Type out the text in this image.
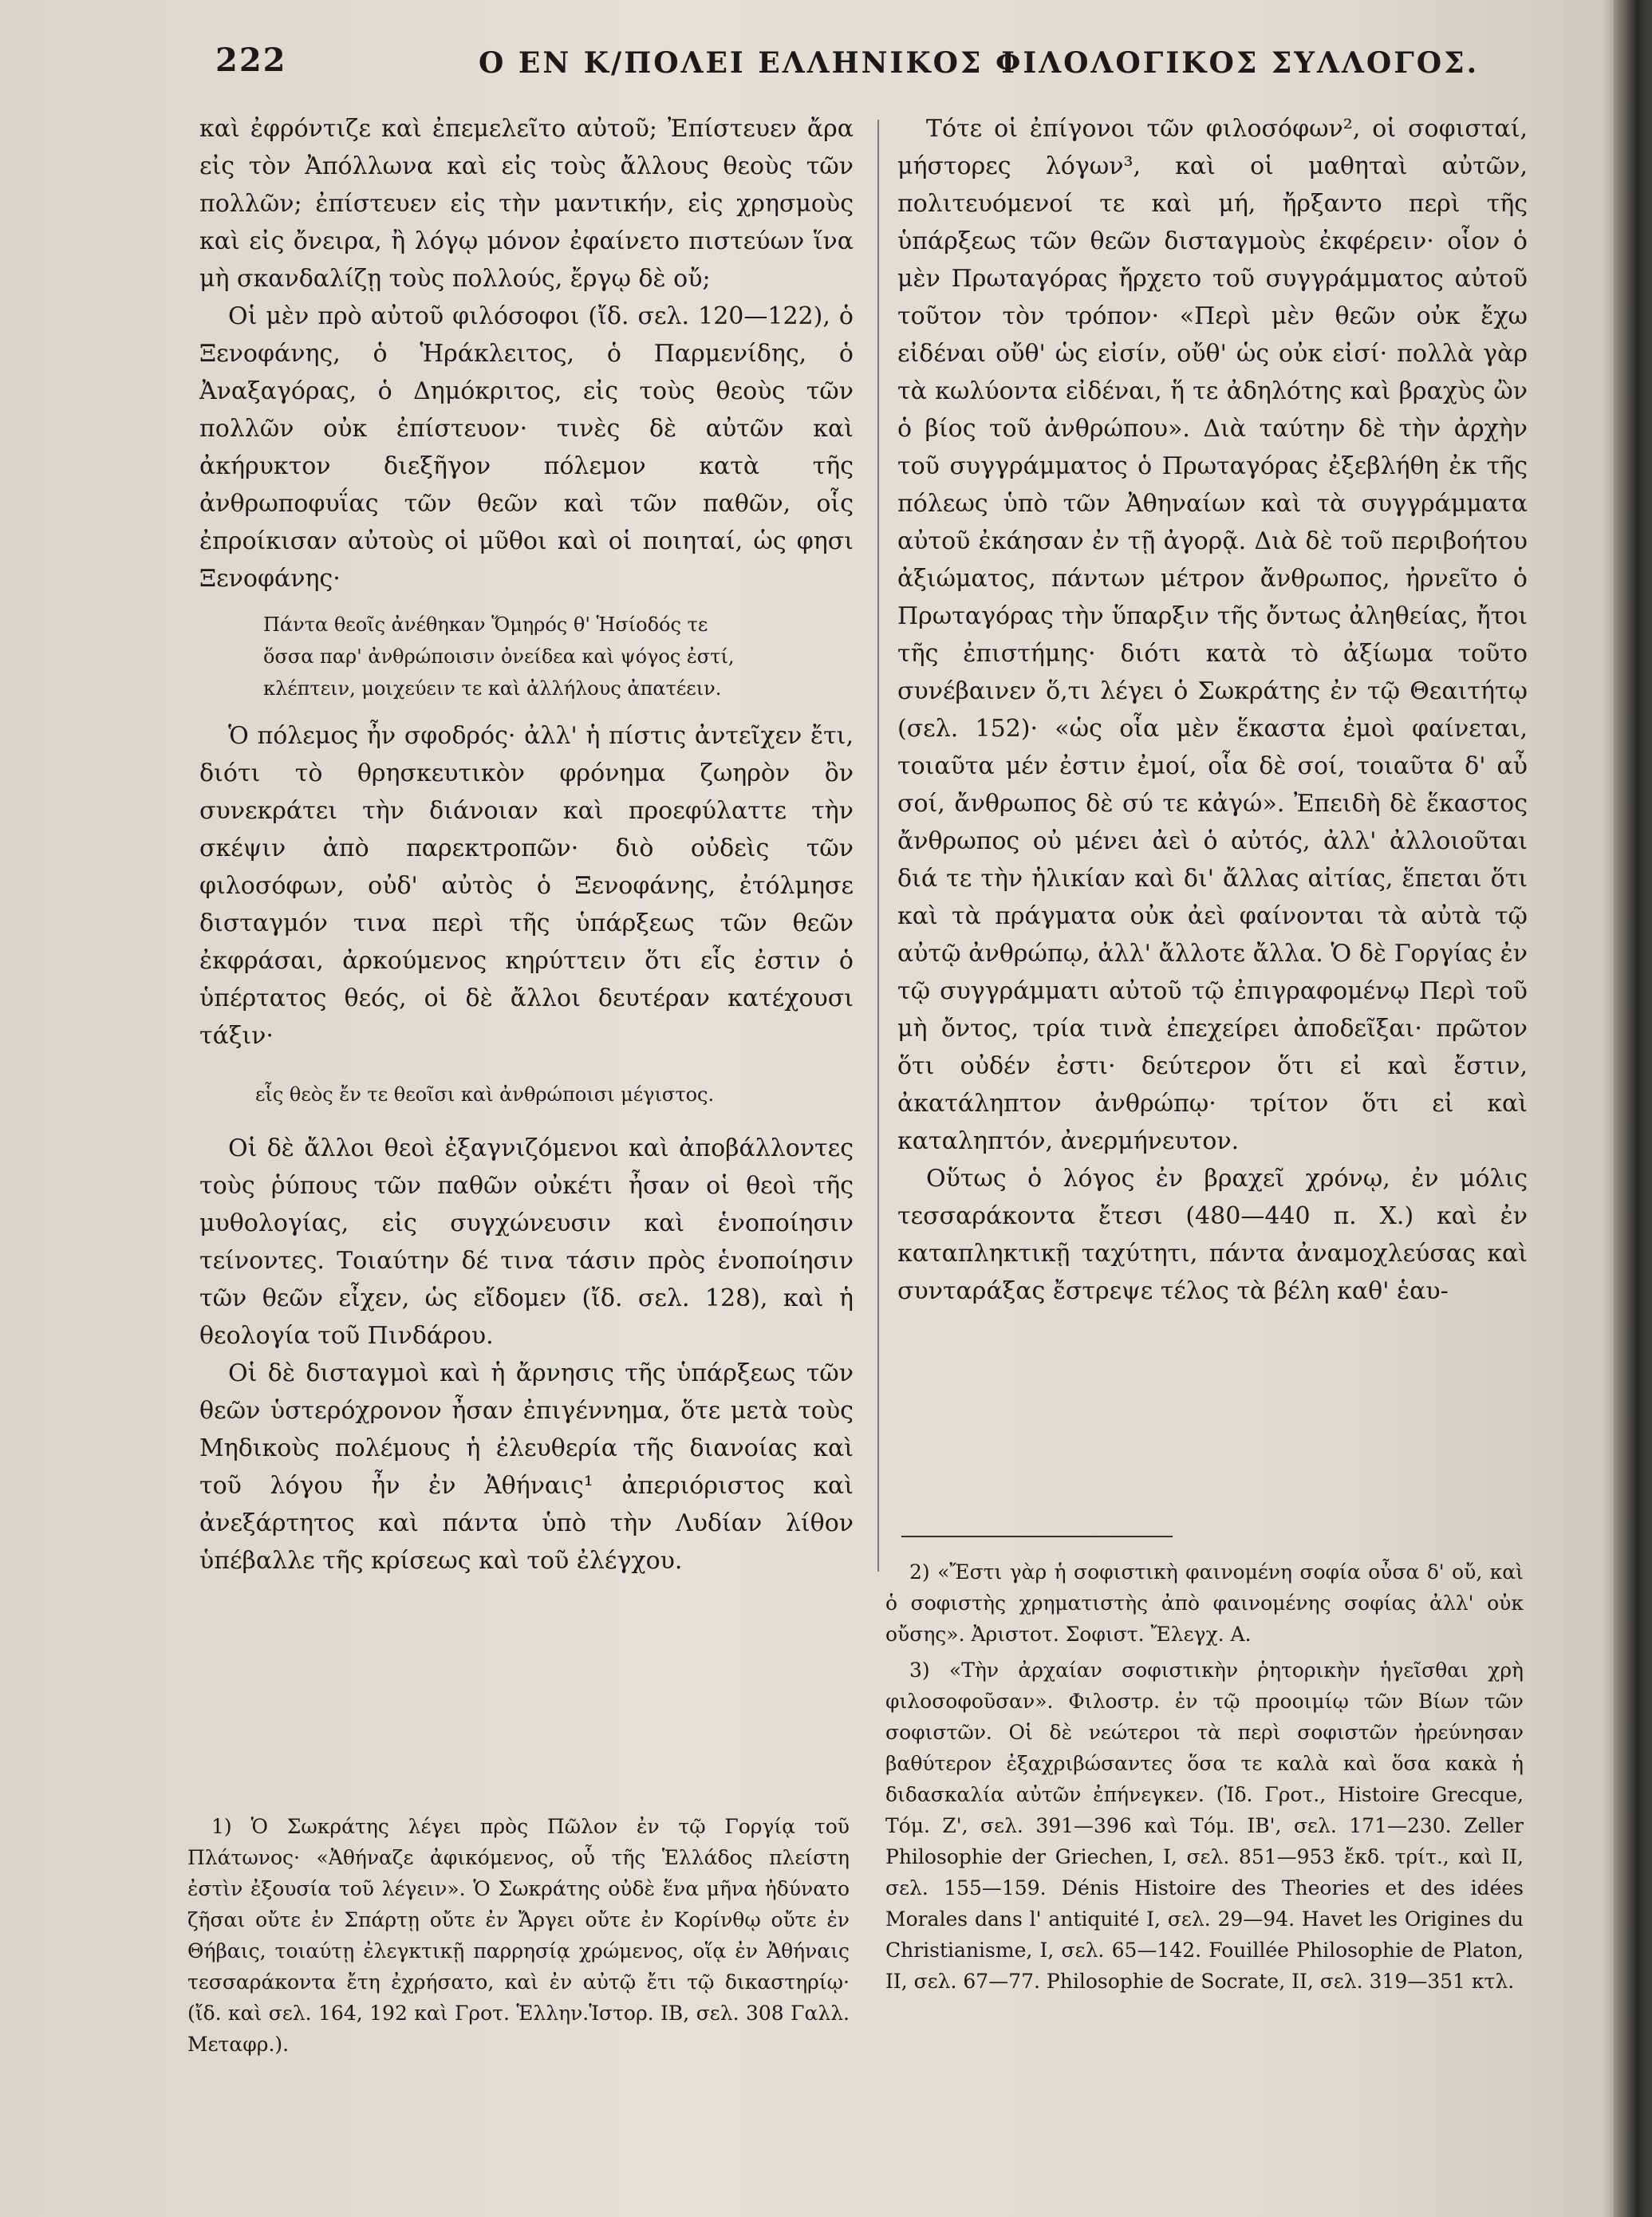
222	Ο ΕΝ Κ/ΠΟΛΕΙ ΕΛΛΗΝΙΚΟΣ ΦΙΛΟΛΟΓΙΚΟΣ ΣΥΛΛΟΓΟΣ.

καὶ ἐφρόντιζε καὶ ἐπεμελεῖτο αὐτοῦ; Ἐπίστευεν ἄρα εἰς τὸν Ἀπόλλωνα καὶ εἰς τοὺς ἄλλους θεοὺς τῶν πολλῶν; ἐπίστευεν εἰς τὴν μαντικήν, εἰς χρησμοὺς καὶ εἰς ὄνειρα, ἢ λόγῳ μόνον ἐφαίνετο πιστεύων ἵνα μὴ σκανδαλίζῃ τοὺς πολλούς, ἔργῳ δὲ οὔ;

Οἱ μὲν πρὸ αὐτοῦ φιλόσοφοι (ἴδ. σελ. 120—122), ὁ Ξενοφάνης, ὁ Ἡράκλειτος, ὁ Παρμενίδης, ὁ Ἀναξαγόρας, ὁ Δημόκριτος, εἰς τοὺς θεοὺς τῶν πολλῶν οὐκ ἐπίστευον· τινὲς δὲ αὐτῶν καὶ ἀκήρυκτον διεξῆγον πόλεμον κατὰ τῆς ἀνθρωποφυΐας τῶν θεῶν καὶ τῶν παθῶν, οἷς ἐπροίκισαν αὐτοὺς οἱ μῦθοι καὶ οἱ ποιηταί, ὡς φησι Ξενοφάνης·

Πάντα θεοῖς ἀνέθηκαν Ὅμηρός θ' Ἡσίοδός τε
ὅσσα παρ' ἀνθρώποισιν ὀνείδεα καὶ ψόγος ἐστί,
κλέπτειν, μοιχεύειν τε καὶ ἀλλήλους ἀπατέειν.

Ὁ πόλεμος ἦν σφοδρός· ἀλλ' ἡ πίστις ἀντεῖχεν ἔτι, διότι τὸ θρησκευτικὸν φρόνημα ζωηρὸν ὂν συνεκράτει τὴν διάνοιαν καὶ προεφύλαττε τὴν σκέψιν ἀπὸ παρεκτροπῶν· διὸ οὐδεὶς τῶν φιλοσόφων, οὐδ' αὐτὸς ὁ Ξενοφάνης, ἐτόλμησε δισταγμόν τινα περὶ τῆς ὑπάρξεως τῶν θεῶν ἐκφράσαι, ἀρκούμενος κηρύττειν ὅτι εἷς ἐστιν ὁ ὑπέρτατος θεός, οἱ δὲ ἄλλοι δευτέραν κατέχουσι τάξιν·

εἷς θεὸς ἔν τε θεοῖσι καὶ ἀνθρώποισι μέγιστος.

Οἱ δὲ ἄλλοι θεοὶ ἐξαγνιζόμενοι καὶ ἀποβάλλοντες τοὺς ῥύπους τῶν παθῶν οὐκέτι ἦσαν οἱ θεοὶ τῆς μυθολογίας, εἰς συγχώνευσιν καὶ ἑνοποίησιν τείνοντες. Τοιαύτην δέ τινα τάσιν πρὸς ἑνοποίησιν τῶν θεῶν εἶχεν, ὡς εἴδομεν (ἴδ. σελ. 128), καὶ ἡ θεολογία τοῦ Πινδάρου.

Οἱ δὲ δισταγμοὶ καὶ ἡ ἄρνησις τῆς ὑπάρξεως τῶν θεῶν ὑστερόχρονον ἦσαν ἐπιγέννημα, ὅτε μετὰ τοὺς Μηδικοὺς πολέμους ἡ ἐλευθερία τῆς διανοίας καὶ τοῦ λόγου ἦν ἐν Ἀθήναις¹ ἀπεριόριστος καὶ ἀνεξάρτητος καὶ πάντα ὑπὸ τὴν Λυδίαν λίθον ὑπέβαλλε τῆς κρίσεως καὶ τοῦ ἐλέγχου.

1) Ὁ Σωκράτης λέγει πρὸς Πῶλον ἐν τῷ Γοργίᾳ τοῦ Πλάτωνος· «Ἀθήναζε ἀφικόμενος, οὗ τῆς Ἑλλάδος πλείστη ἐστὶν ἐξουσία τοῦ λέγειν». Ὁ Σωκράτης οὐδὲ ἕνα μῆνα ἠδύνατο ζῆσαι οὔτε ἐν Σπάρτῃ οὔτε ἐν Ἄργει οὔτε ἐν Κορίνθῳ οὔτε ἐν Θήβαις, τοιαύτῃ ἐλεγκτικῇ παρρησίᾳ χρώμενος, οἵᾳ ἐν Ἀθήναις τεσσαράκοντα ἔτη ἐχρήσατο, καὶ ἐν αὐτῷ ἔτι τῷ δικαστηρίῳ· (ἴδ. καὶ σελ. 164, 192 καὶ Γροτ. Ἑλλην.Ἱστορ. ΙΒ, σελ. 308 Γαλλ. Μεταφρ.).

Τότε οἱ ἐπίγονοι τῶν φιλοσόφων², οἱ σοφισταί, μήστορες λόγων³, καὶ οἱ μαθηταὶ αὐτῶν, πολιτευόμενοί τε καὶ μή, ἤρξαντο περὶ τῆς ὑπάρξεως τῶν θεῶν δισταγμοὺς ἐκφέρειν· οἷον ὁ μὲν Πρωταγόρας ἤρχετο τοῦ συγγράμματος αὐτοῦ τοῦτον τὸν τρόπον· «Περὶ μὲν θεῶν οὐκ ἔχω εἰδέναι οὔθ' ὡς εἰσίν, οὔθ' ὡς οὐκ εἰσί· πολλὰ γὰρ τὰ κωλύοντα εἰδέναι, ἥ τε ἀδηλότης καὶ βραχὺς ὢν ὁ βίος τοῦ ἀνθρώπου». Διὰ ταύτην δὲ τὴν ἀρχὴν τοῦ συγγράμματος ὁ Πρωταγόρας ἐξεβλήθη ἐκ τῆς πόλεως ὑπὸ τῶν Ἀθηναίων καὶ τὰ συγγράμματα αὐτοῦ ἐκάησαν ἐν τῇ ἀγορᾷ. Διὰ δὲ τοῦ περιβοήτου ἀξιώματος, πάντων μέτρον ἄνθρωπος, ἠρνεῖτο ὁ Πρωταγόρας τὴν ὕπαρξιν τῆς ὄντως ἀληθείας, ἤτοι τῆς ἐπιστήμης· διότι κατὰ τὸ ἀξίωμα τοῦτο συνέβαινεν ὅ,τι λέγει ὁ Σωκράτης ἐν τῷ Θεαιτήτῳ (σελ. 152)· «ὡς οἷα μὲν ἕκαστα ἐμοὶ φαίνεται, τοιαῦτα μέν ἐστιν ἐμοί, οἷα δὲ σοί, τοιαῦτα δ' αὖ σοί, ἄνθρωπος δὲ σύ τε κἀγώ». Ἐπειδὴ δὲ ἕκαστος ἄνθρωπος οὐ μένει ἀεὶ ὁ αὐτός, ἀλλ' ἀλλοιοῦται διά τε τὴν ἡλικίαν καὶ δι' ἄλλας αἰτίας, ἕπεται ὅτι καὶ τὰ πράγματα οὐκ ἀεὶ φαίνονται τὰ αὐτὰ τῷ αὐτῷ ἀνθρώπῳ, ἀλλ' ἄλλοτε ἄλλα. Ὁ δὲ Γοργίας ἐν τῷ συγγράμματι αὐτοῦ τῷ ἐπιγραφομένῳ Περὶ τοῦ μὴ ὄντος, τρία τινὰ ἐπεχείρει ἀποδεῖξαι· πρῶτον ὅτι οὐδέν ἐστι· δεύτερον ὅτι εἰ καὶ ἔστιν, ἀκατάληπτον ἀνθρώπῳ· τρίτον ὅτι εἰ καὶ καταληπτόν, ἀνερμήνευτον.

Οὕτως ὁ λόγος ἐν βραχεῖ χρόνῳ, ἐν μόλις τεσσαράκοντα ἔτεσι (480—440 π. Χ.) καὶ ἐν καταπληκτικῇ ταχύτητι, πάντα ἀναμοχλεύσας καὶ συνταράξας ἔστρεψε τέλος τὰ βέλη καθ' ἑαυ-

2) «Ἔστι γὰρ ἡ σοφιστικὴ φαινομένη σοφία οὖσα δ' οὔ, καὶ ὁ σοφιστὴς χρηματιστὴς ἀπὸ φαινομένης σοφίας ἀλλ' οὐκ οὔσης». Ἀριστοτ. Σοφιστ. Ἔλεγχ. Α.

3) «Τὴν ἀρχαίαν σοφιστικὴν ῥητορικὴν ἡγεῖσθαι χρὴ φιλοσοφοῦσαν». Φιλοστρ. ἐν τῷ προοιμίῳ τῶν Βίων τῶν σοφιστῶν. Οἱ δὲ νεώτεροι τὰ περὶ σοφιστῶν ἠρεύνησαν βαθύτερον ἐξαχριβώσαντες ὅσα τε καλὰ καὶ ὅσα κακὰ ἡ διδασκαλία αὐτῶν ἐπήνεγκεν. (Ἰδ. Γροτ., Histoire Grecque, Τόμ. Ζ', σελ. 391—396 καὶ Τόμ. ΙΒ', σελ. 171—230. Zeller Philosophie der Griechen, I, σελ. 851—953 ἔκδ. τρίτ., καὶ II, σελ. 155—159. Dénis Histoire des Theories et des idées Morales dans l' antiquité I, σελ. 29—94. Havet les Origines du Christianisme, I, σελ. 65—142. Fouillée Philosophie de Platon, II, σελ. 67—77. Philosophie de Socrate, II, σελ. 319—351 κτλ.
